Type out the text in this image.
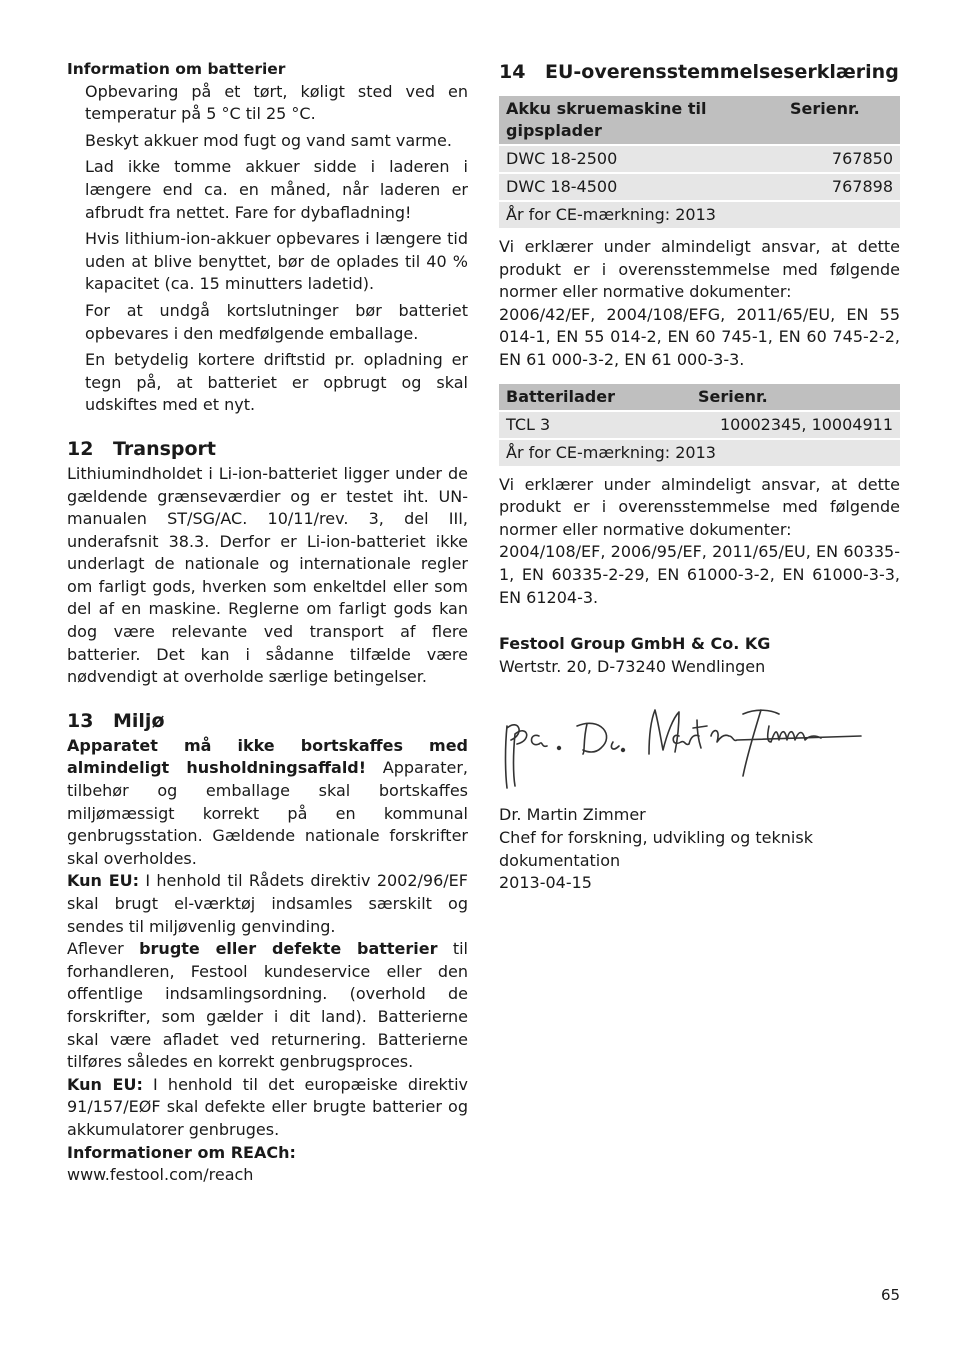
Information om batterier

Opbevaring på et tørt, køligt sted ved en temperatur på 5 °C til 25 °C.

Beskyt akkuer mod fugt og vand samt varme.

Lad ikke tomme akkuer sidde i laderen i længere end ca. en måned, når laderen er afbrudt fra nettet. Fare for dybafladning!

Hvis lithium-ion-akkuer opbevares i længere tid uden at blive benyttet, bør de oplades til 40 % kapacitet (ca. 15 minutters ladetid).

For at undgå kortslutninger bør batteriet opbevares i den medfølgende emballage.

En betydelig kortere driftstid pr. opladning er tegn på, at batteriet er opbrugt og skal udskiftes med et nyt.

12 Transport

Lithiumindholdet i Li-ion-batteriet ligger under de gældende grænseværdier og er testet iht. UN-manualen ST/SG/AC. 10/11/rev. 3, del III, underafsnit 38.3. Derfor er Li-ion-batteriet ikke underlagt de nationale og internationale regler om farligt gods, hverken som enkeltdel eller som del af en maskine. Reglerne om farligt gods kan dog være relevante ved transport af flere batterier. Det kan i sådanne tilfælde være nødvendigt at overholde særlige betingelser.

13 Miljø

Apparatet må ikke bortskaffes med almindeligt husholdningsaffald! Apparater, tilbehør og emballage skal bortskaffes miljømæssigt korrekt på en kommunal genbrugsstation. Gældende nationale forskrifter skal overholdes.

Kun EU: I henhold til Rådets direktiv 2002/96/EF skal brugt el-værktøj indsamles særskilt og sendes til miljøvenlig genvinding.

Aflever brugte eller defekte batterier til forhandleren, Festool kundeservice eller den offentlige indsamlingsordning. (overhold de forskrifter, som gælder i dit land). Batterierne skal være afladet ved returnering. Batterierne tilføres således en korrekt genbrugsproces.

Kun EU: I henhold til det europæiske direktiv 91/157/EØF skal defekte eller brugte batterier og akkumulatorer genbruges.

Informationer om REACh:

www.festool.com/reach

14 EU-overensstemmelseserklæring
Akku skruemaskine til gipsplader	Serienr.
DWC 18-2500	767850
DWC 18-4500	767898
År for CE-mærkning: 2013	

Vi erklærer under almindeligt ansvar, at dette produkt er i overensstemmelse med følgende normer eller normative dokumenter:

2006/42/EF, 2004/108/EFG, 2011/65/EU, EN 55 014-1, EN 55 014-2, EN 60 745-1, EN 60 745-2-2, EN 61 000-3-2, EN 61 000-3-3.

Batterilader	Serienr.
TCL 3	10002345, 10004911
År for CE-mærkning: 2013	

Vi erklærer under almindeligt ansvar, at dette produkt er i overensstemmelse med følgende normer eller normative dokumenter:

2004/108/EF, 2006/95/EF, 2011/65/EU, EN 60335-1, EN 60335-2-29, EN 61000-3-2, EN 61000-3-3, EN 61204-3.

Festool Group GmbH & Co. KG

Wertstr. 20, D-73240 Wendlingen

Dr. Martin Zimmer

Chef for forskning, udvikling og teknisk dokumentation

2013-04-15

65
